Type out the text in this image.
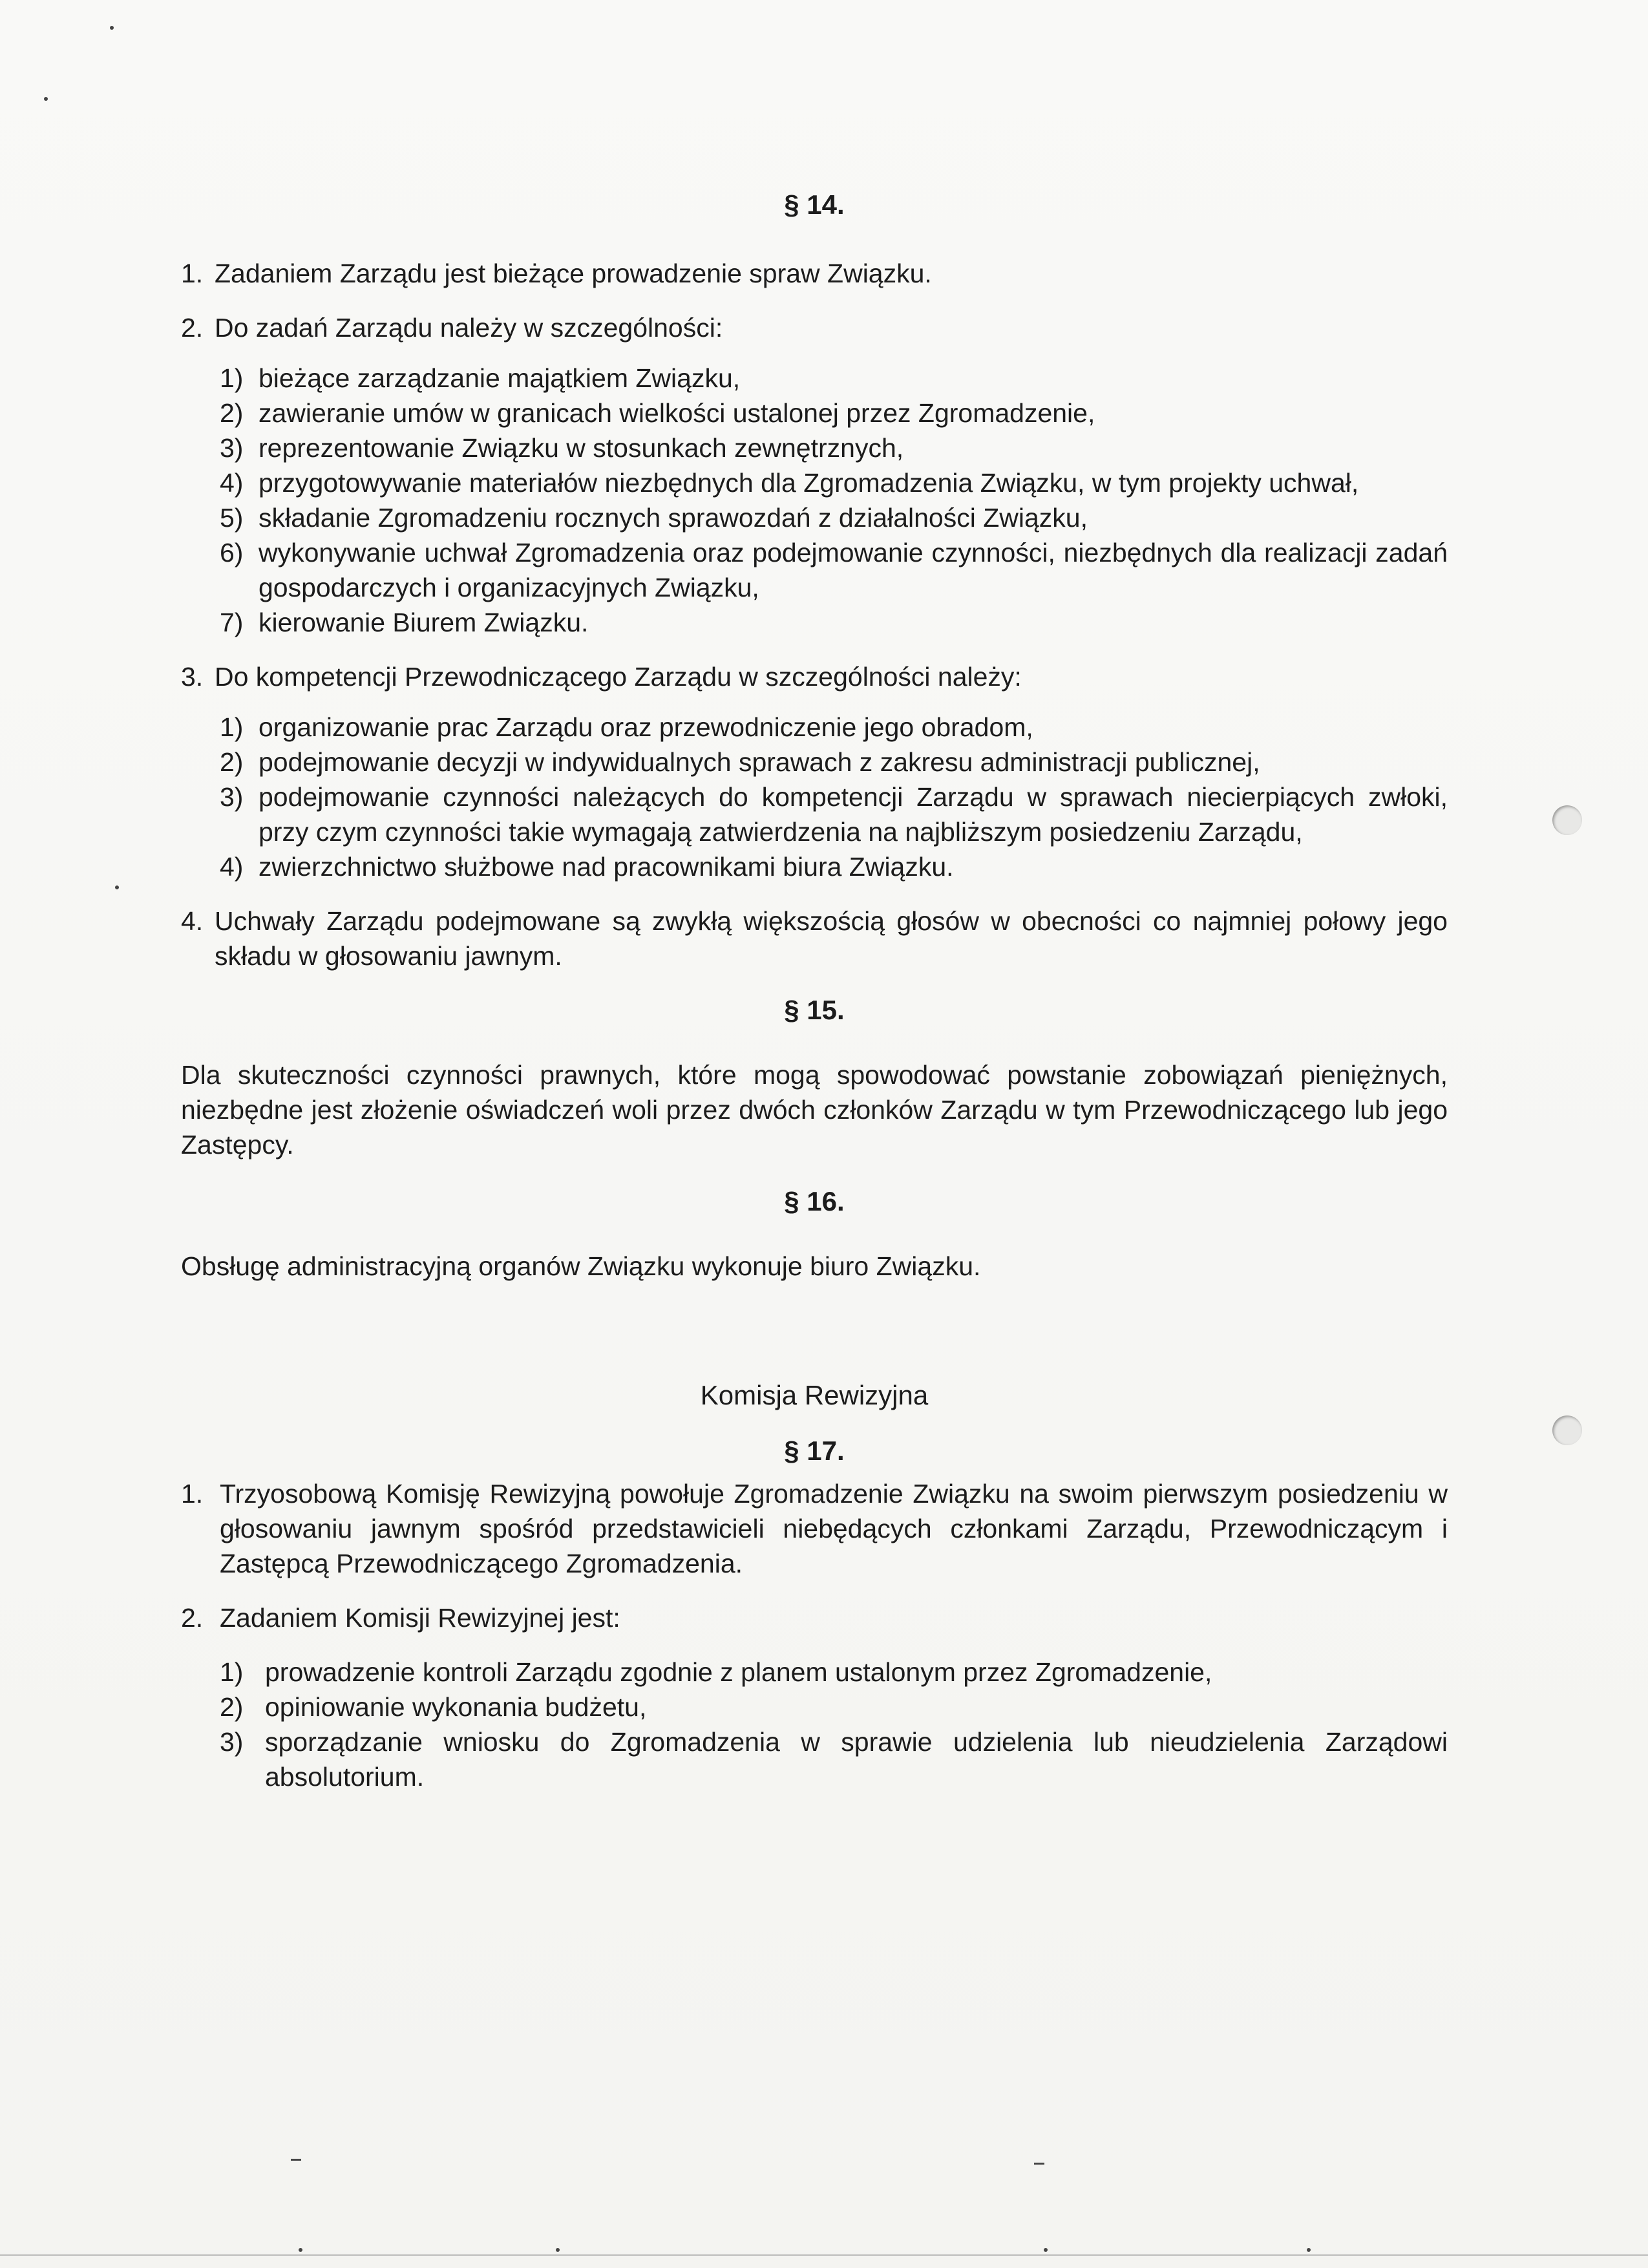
§ 14.

1. Zadaniem Zarządu jest bieżące prowadzenie spraw Związku.
2. Do zadań Zarządu należy w szczególności:
1) bieżące zarządzanie majątkiem Związku,
2) zawieranie umów w granicach wielkości ustalonej przez Zgromadzenie,
3) reprezentowanie Związku w stosunkach zewnętrznych,
4) przygotowywanie materiałów niezbędnych dla Zgromadzenia Związku, w tym projekty uchwał,
5) składanie Zgromadzeniu rocznych sprawozdań z działalności Związku,
6) wykonywanie uchwał Zgromadzenia oraz podejmowanie czynności, niezbędnych dla realizacji zadań gospodarczych i organizacyjnych Związku,
7) kierowanie Biurem Związku.
3. Do kompetencji Przewodniczącego Zarządu w szczególności należy:
1) organizowanie prac Zarządu oraz przewodniczenie jego obradom,
2) podejmowanie decyzji w indywidualnych sprawach z zakresu administracji publicznej,
3) podejmowanie czynności należących do kompetencji Zarządu w sprawach niecierpiących zwłoki, przy czym czynności takie wymagają zatwierdzenia na najbliższym posiedzeniu Zarządu,
4) zwierzchnictwo służbowe nad pracownikami biura Związku.
4. Uchwały Zarządu podejmowane są zwykłą większością głosów w obecności co najmniej połowy jego składu w głosowaniu jawnym.

§ 15.

Dla skuteczności czynności prawnych, które mogą spowodować powstanie zobowiązań pieniężnych, niezbędne jest złożenie oświadczeń woli przez dwóch członków Zarządu w tym Przewodniczącego lub jego Zastępcy.

§ 16.

Obsługę administracyjną organów Związku wykonuje biuro Związku.

Komisja Rewizyjna

§ 17.

1. Trzyosobową Komisję Rewizyjną powołuje Zgromadzenie Związku na swoim pierwszym posiedzeniu w głosowaniu jawnym spośród przedstawicieli niebędących członkami Zarządu, Przewodniczącym i Zastępcą Przewodniczącego Zgromadzenia.
2. Zadaniem Komisji Rewizyjnej jest:
1) prowadzenie kontroli Zarządu zgodnie z planem ustalonym przez Zgromadzenie,
2) opiniowanie wykonania budżetu,
3) sporządzanie wniosku do Zgromadzenia w sprawie udzielenia lub nieudzielenia Zarządowi absolutorium.
